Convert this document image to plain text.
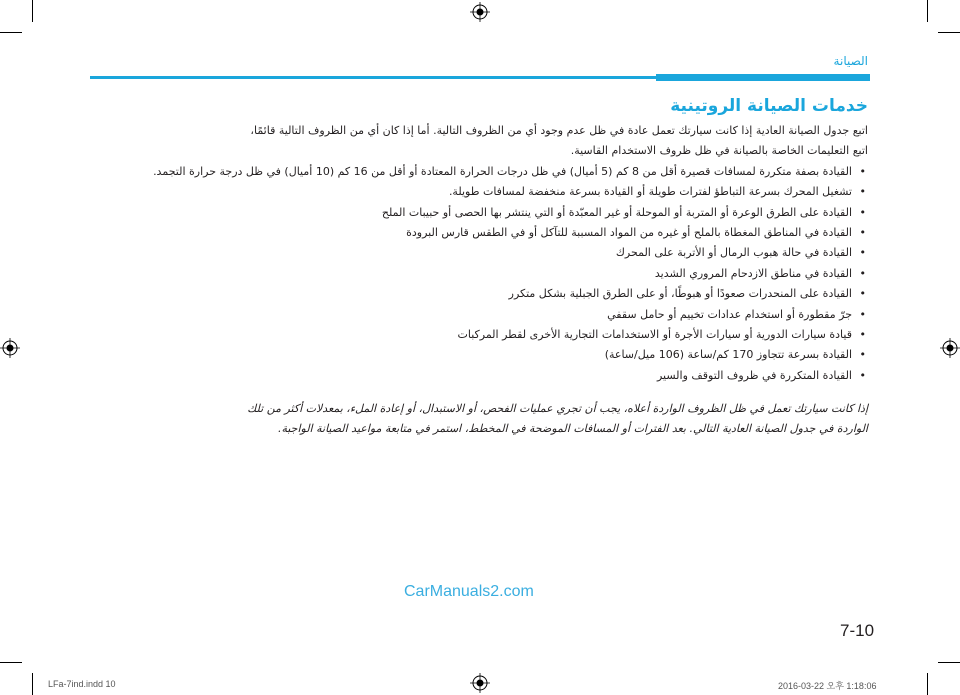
الصيانة
خدمات الصيانة الروتينية

اتبع جدول الصيانة العادية إذا كانت سيارتك تعمل عادة في ظل عدم وجود أي من الظروف التالية. أما إذا كان أي من الظروف التالية قائمًا،

اتبع التعليمات الخاصة بالصيانة في ظل ظروف الاستخدام القاسية.

• القيادة بصفة متكررة لمسافات قصيرة أقل من 8 كم (5 أميال) في ظل درجات الحرارة المعتادة أو أقل من 16 كم (10 أميال) في ظل درجة حرارة التجمد.
• تشغيل المحرك بسرعة التباطؤ لفترات طويلة أو القيادة بسرعة منخفضة لمسافات طويلة.
• القيادة على الطرق الوعرة أو المتربة أو الموحلة أو غير المعبّدة أو التي ينتشر بها الحصى أو حبيبات الملح
• القيادة في المناطق المغطاة بالملح أو غيره من المواد المسببة للتآكل أو في الطقس قارس البرودة
• القيادة في حالة هبوب الرمال أو الأتربة على المحرك
• القيادة في مناطق الازدحام المروري الشديد
• القيادة على المنحدرات صعودًا أو هبوطًا، أو على الطرق الجبلية بشكل متكرر
• جرّ مقطورة أو استخدام عدادات تخييم أو حامل سقفي
• قيادة سيارات الدورية أو سيارات الأجرة أو الاستخدامات التجارية الأخرى لقطر المركبات
• القيادة بسرعة تتجاوز 170 كم/ساعة (106 ميل/ساعة)
• القيادة المتكررة في ظروف التوقف والسير
إذا كانت سيارتك تعمل في ظل الظروف الواردة أعلاه، يجب أن تجري عمليات الفحص، أو الاستبدال، أو إعادة الملء، بمعدلات أكثر من تلك
الواردة في جدول الصيانة العادية التالي. بعد الفترات أو المسافات الموضحة في المخطط، استمر في متابعة مواعيد الصيانة الواجبة.
CarManuals2.com
7-10
LFa-7ind.indd 10	2016-03-22 오후 1:18:06
